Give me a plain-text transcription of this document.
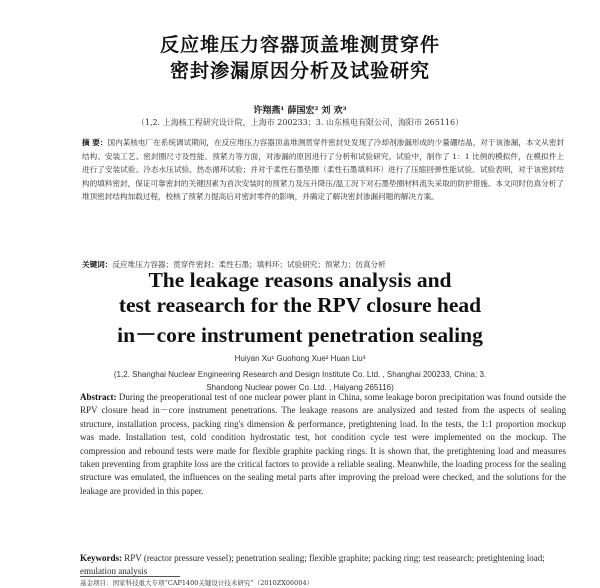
反应堆压力容器顶盖堆测贯穿件
密封渗漏原因分析及试验研究
许翔燕¹ 薛国宏² 刘 欢³
（1,2. 上海核工程研究设计院，上海市 200233；3. 山东核电有限公司，海阳市 265116）
摘 要：国内某核电厂在系统调试期间，在反应堆压力容器顶盖堆测贯穿件密封处发现了冷却剂渗漏形成的少量硼结晶，对于该渗漏，本文从密封结构、安装工艺、密封圈尺寸及性能、预紧力等方面，对渗漏的原因进行了分析和试验研究。试验中，制作了 1：1 比例的模拟件，在模拟件上进行了安装试验、冷态水压试验、热态循环试验；并对于柔性石墨垫圈（柔性石墨填料环）进行了压缩回弹性能试验。试验表明，对于该密封结构的填料密封，保证可靠密封的关键因素为首次安装时的预紧力及压升降压/温工况下对石墨垫圈材料流失采取的防护措施。本文同时仿真分析了堆顶密封结构加载过程，校核了预紧力提高后对密封零件的影响，并确定了解决密封渗漏问题的解决方案。
关键词：反应堆压力容器；贯穿件密封；柔性石墨；填料环；试验研究；预紧力；仿真分析
The leakage reasons analysis and
test reasearch for the RPV closure head
in－core instrument penetration sealing
Huiyan Xu¹ Guohong Xue² Huan Liu³
(1,2. Shanghai Nuclear Engineering Research and Design Institute Co. Ltd. , Shanghai 200233, China; 3. Shandong Nuclear power Co. Ltd. , Haiyang 265116)
Abstract: During the preoperational test of one nuclear power plant in China, some leakage boron precipitation was found outside the RPV closure head in－core instrument penetrations. The leakage reasons are analysized and tested from the aspects of sealing structure, installation process, packing ring's dimension & performance, pretightening load. In the tests, the 1:1 proportion mockup was made. Installation test, cold condition hydrostatic test, hot condition cycle test were implemented on the mockup. The compression and rebound tests were made for flexible graphite packing rings. It is shown that, the pretightening load and measures taken preventing from graphite loss are the critical factors to provide a reliable sealing. Meanwhile, the loading process for the sealing structure was emulated, the influences on the sealing metal parts after improving the preload were checked, and the solutions for the leakage are provided in this paper.
Keywords: RPV (reactor pressure vessel); penetration sealing; flexible graphite; packing ring; test reasearch; pretightening load; emulation analysis
基金项目：国家科技重大专项“CAP1400关键设计技术研究”（2010ZX06004）
